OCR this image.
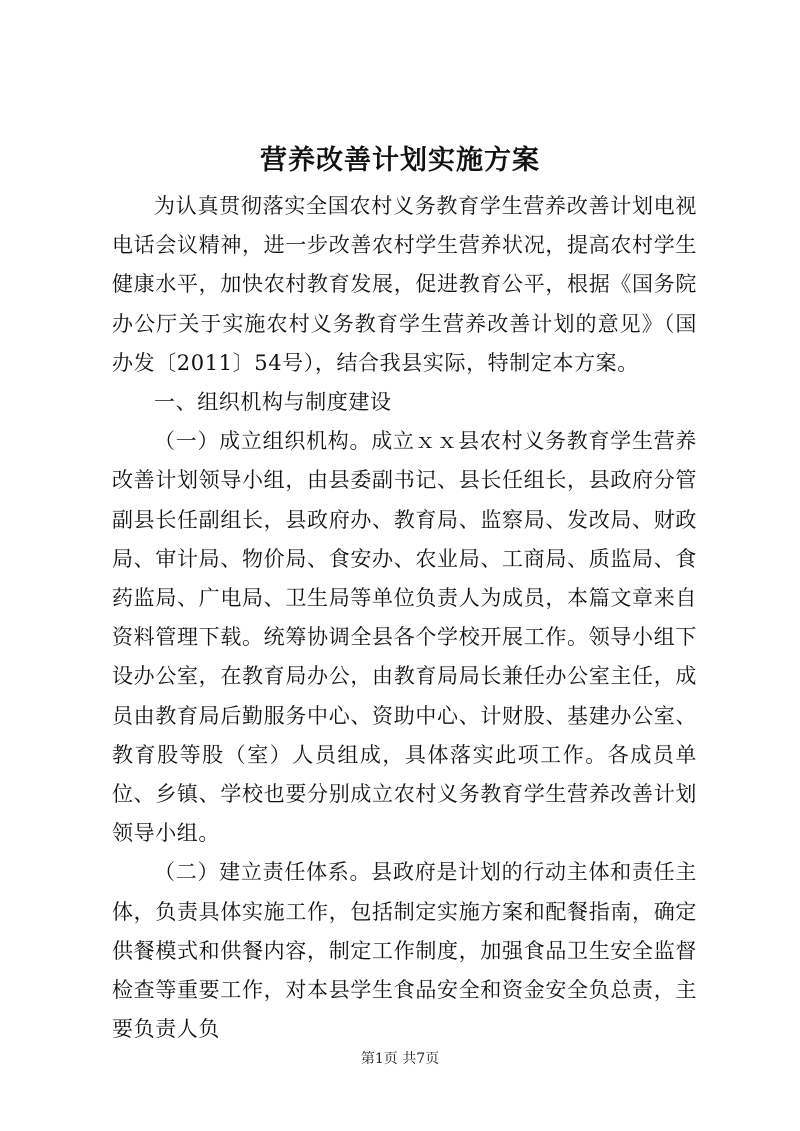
营养改善计划实施方案

为认真贯彻落实全国农村义务教育学生营养改善计划电视电话会议精神，进一步改善农村学生营养状况，提高农村学生健康水平，加快农村教育发展，促进教育公平，根据《国务院办公厅关于实施农村义务教育学生营养改善计划的意见》（国办发〔2011〕54号），结合我县实际，特制定本方案。

一、组织机构与制度建设

（一）成立组织机构。成立ｘｘ县农村义务教育学生营养改善计划领导小组，由县委副书记、县长任组长，县政府分管副县长任副组长，县政府办、教育局、监察局、发改局、财政局、审计局、物价局、食安办、农业局、工商局、质监局、食药监局、广电局、卫生局等单位负责人为成员，本篇文章来自资料管理下载。统筹协调全县各个学校开展工作。领导小组下设办公室，在教育局办公，由教育局局长兼任办公室主任，成员由教育局后勤服务中心、资助中心、计财股、基建办公室、教育股等股（室）人员组成，具体落实此项工作。各成员单位、乡镇、学校也要分别成立农村义务教育学生营养改善计划领导小组。

（二）建立责任体系。县政府是计划的行动主体和责任主体，负责具体实施工作，包括制定实施方案和配餐指南，确定供餐模式和供餐内容，制定工作制度，加强食品卫生安全监督检查等重要工作，对本县学生食品安全和资金安全负总责，主要负责人负

第1页 共7页
